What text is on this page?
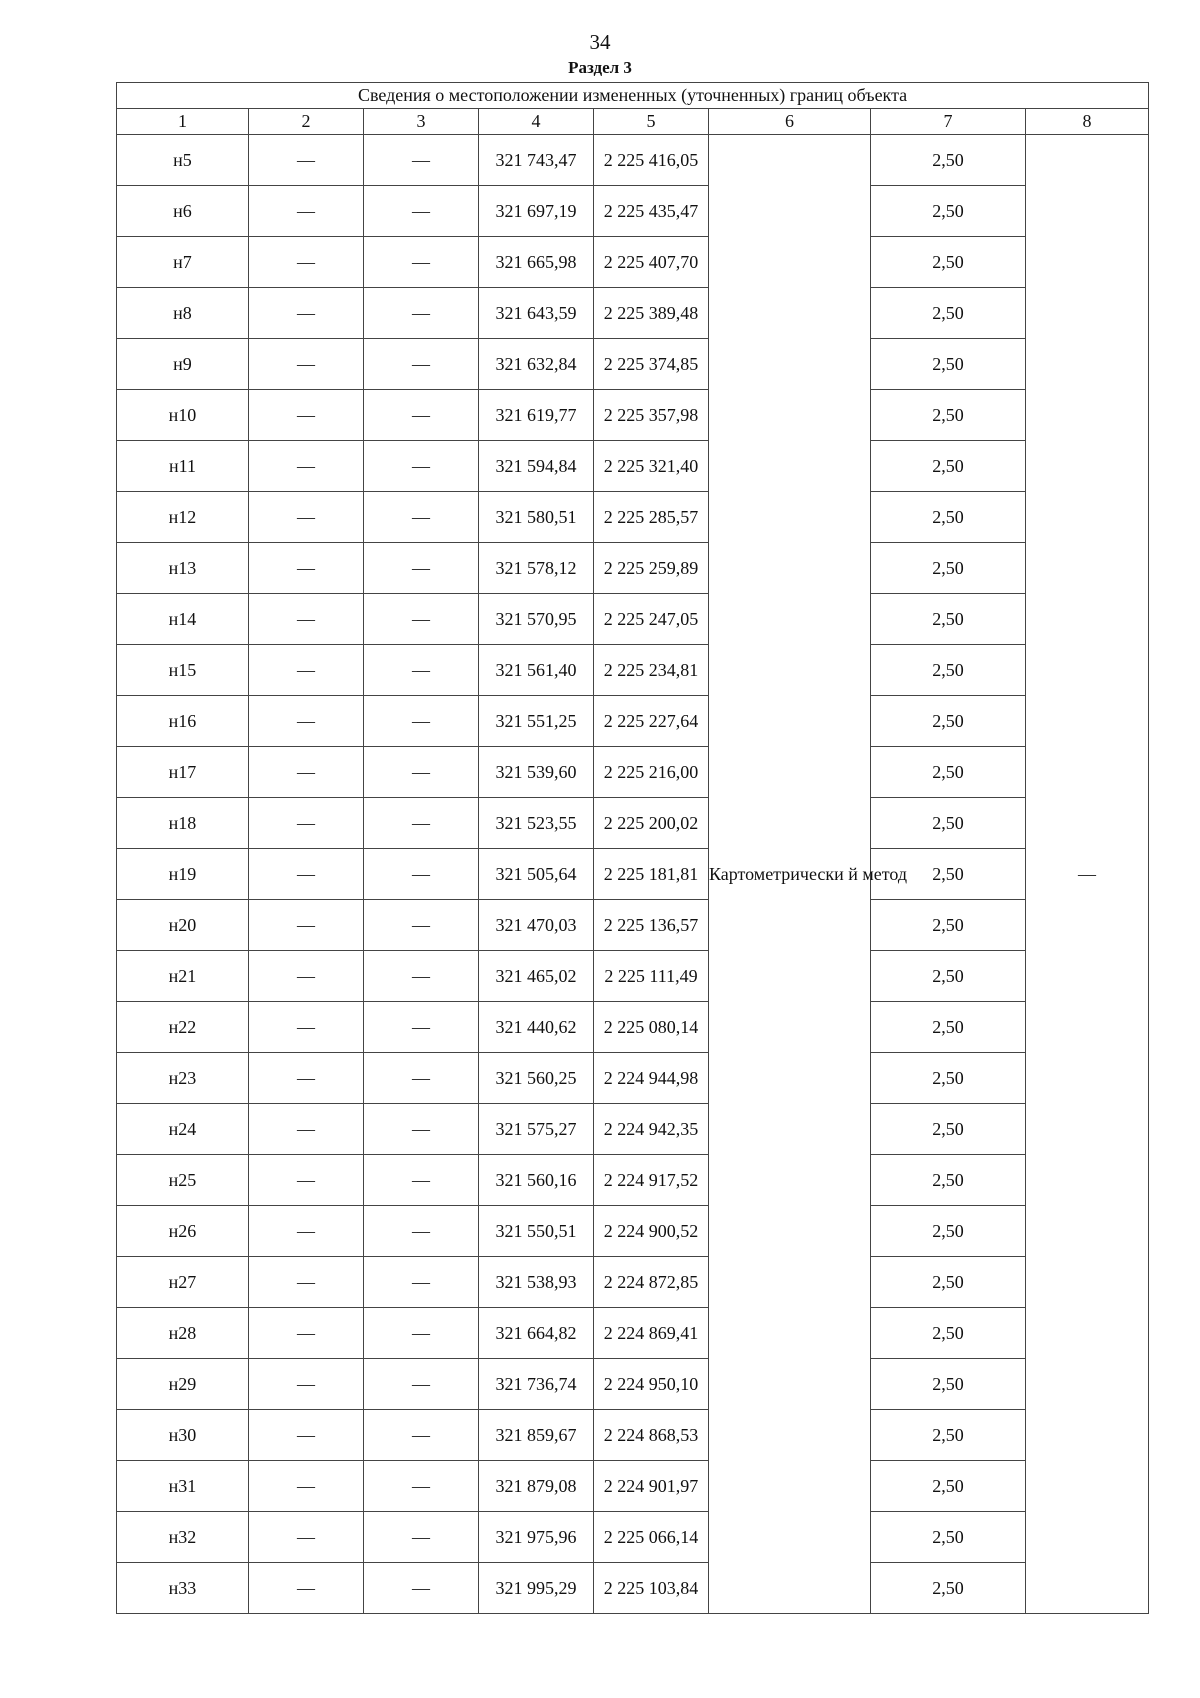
34
Раздел 3
Сведения о местоположении измененных (уточненных) границ объекта							
1	2	3	4	5	6	7	8
н5	—	—	321 743,47	2 225 416,05	Картометрически й метод	2,50	—
н6	—	—	321 697,19	2 225 435,47		2,50	
н7	—	—	321 665,98	2 225 407,70		2,50	
н8	—	—	321 643,59	2 225 389,48		2,50	
н9	—	—	321 632,84	2 225 374,85		2,50	
н10	—	—	321 619,77	2 225 357,98		2,50	
н11	—	—	321 594,84	2 225 321,40		2,50	
н12	—	—	321 580,51	2 225 285,57		2,50	
н13	—	—	321 578,12	2 225 259,89		2,50	
н14	—	—	321 570,95	2 225 247,05		2,50	
н15	—	—	321 561,40	2 225 234,81		2,50	
н16	—	—	321 551,25	2 225 227,64		2,50	
н17	—	—	321 539,60	2 225 216,00		2,50	
н18	—	—	321 523,55	2 225 200,02		2,50	
н19	—	—	321 505,64	2 225 181,81		2,50	
н20	—	—	321 470,03	2 225 136,57		2,50	
н21	—	—	321 465,02	2 225 111,49		2,50	
н22	—	—	321 440,62	2 225 080,14		2,50	
н23	—	—	321 560,25	2 224 944,98		2,50	
н24	—	—	321 575,27	2 224 942,35		2,50	
н25	—	—	321 560,16	2 224 917,52		2,50	
н26	—	—	321 550,51	2 224 900,52		2,50	
н27	—	—	321 538,93	2 224 872,85		2,50	
н28	—	—	321 664,82	2 224 869,41		2,50	
н29	—	—	321 736,74	2 224 950,10		2,50	
н30	—	—	321 859,67	2 224 868,53		2,50	
н31	—	—	321 879,08	2 224 901,97		2,50	
н32	—	—	321 975,96	2 225 066,14		2,50	
н33	—	—	321 995,29	2 225 103,84		2,50	
